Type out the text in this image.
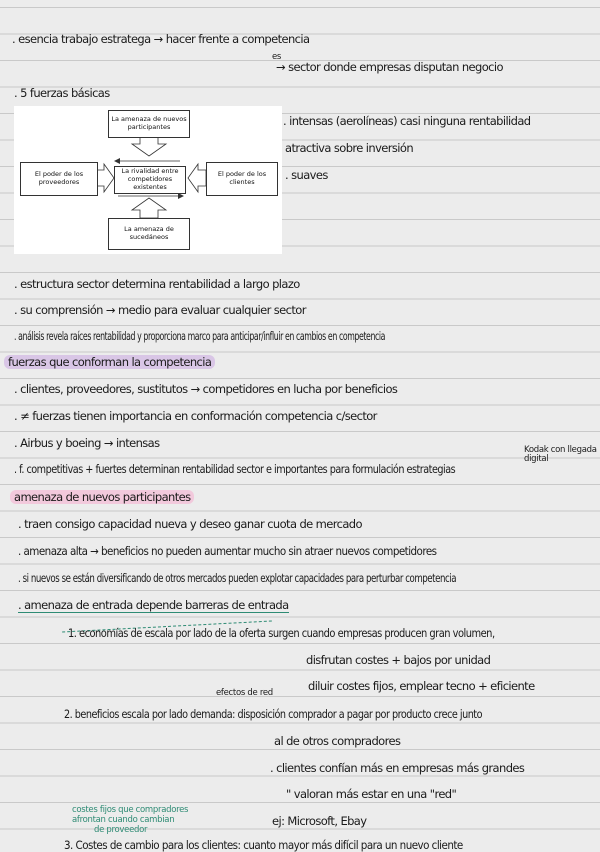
. esencia trabajo estratega → hacer frente a competencia
es
→ sector donde empresas disputan negocio
. 5 fuerzas básicas
La amenaza de nuevos participantes
La rivalidad entre competidores existentes
El poder de los proveedores
El poder de los clientes
La amenaza de sucedáneos
. intensas (aerolíneas) casi ninguna rentabilidad
atractiva sobre inversión
. suaves
. estructura sector determina rentabilidad a largo plazo
. su comprensión → medio para evaluar cualquier sector
. análisis revela raíces rentabilidad y proporciona marco para anticipar/influir en cambios en competencia
fuerzas que conforman la competencia
. clientes, proveedores, sustitutos → competidores en lucha por beneficios
. ≠ fuerzas tienen importancia en conformación competencia c/sector
. Airbus y boeing → intensas	Kodak con llegada digital
. f. competitivas + fuertes determinan rentabilidad sector e importantes para formulación estrategias
amenaza de nuevos participantes
. traen consigo capacidad nueva y deseo ganar cuota de mercado
. amenaza alta → beneficios no pueden aumentar mucho sin atraer nuevos competidores
. si nuevos se están diversificando de otros mercados pueden explotar capacidades para perturbar competencia
. amenaza de entrada depende barreras de entrada
1. economías de escala por lado de la oferta surgen cuando empresas producen gran volumen,
disfrutan costes + bajos por unidad
diluir costes fijos, emplear tecno + eficiente
efectos de red
2. beneficios escala por lado demanda: disposición comprador a pagar por producto crece junto
al de otros compradores
. clientes confían más en empresas más grandes
" valoran más estar en una "red"
costes fijos que compradores
afrontan cuando cambian
de proveedor
ej: Microsoft, Ebay
3. Costes de cambio para los clientes: cuanto mayor más difícil para un nuevo cliente
